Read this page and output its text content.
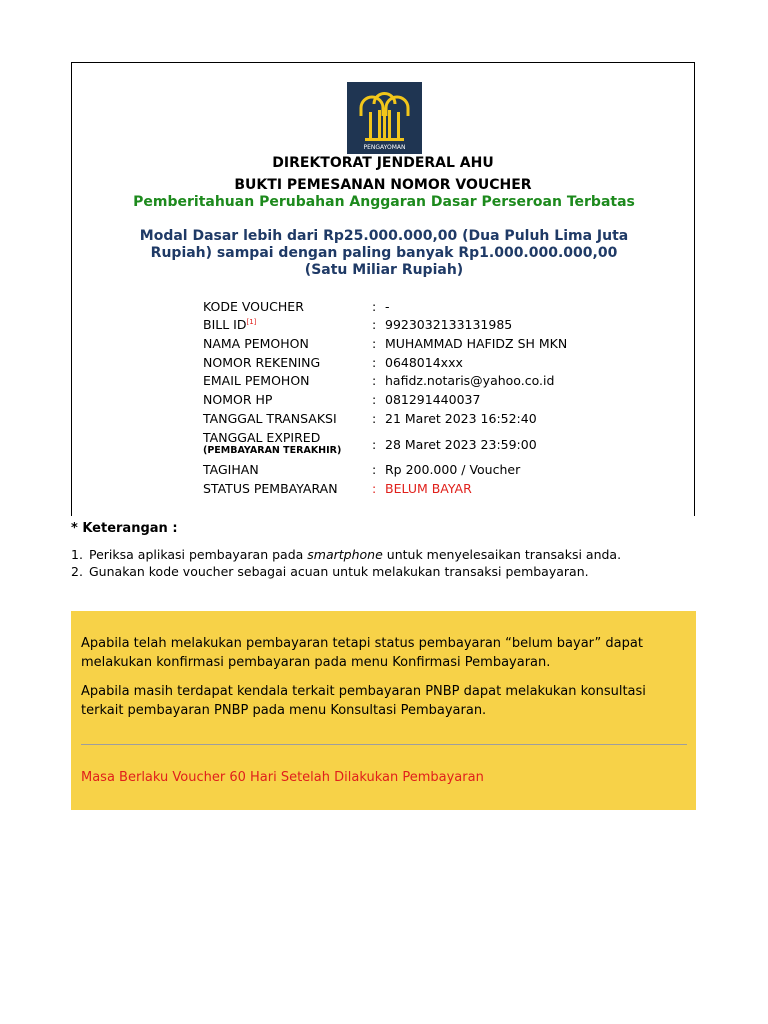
PENGAYOMAN
DIREKTORAT JENDERAL AHU
BUKTI PEMESANAN NOMOR VOUCHER
Pemberitahuan Perubahan Anggaran Dasar Perseroan Terbatas
Modal Dasar lebih dari Rp25.000.000,00 (Dua Puluh Lima Juta Rupiah) sampai dengan paling banyak Rp1.000.000.000,00 (Satu Miliar Rupiah)
KODE VOUCHER	: -
BILL ID[1]	: 9923032133131985
NAMA PEMOHON	: MUHAMMAD HAFIDZ SH MKN
NOMOR REKENING	: 0648014xxx
EMAIL PEMOHON	: hafidz.notaris@yahoo.co.id
NOMOR HP	: 081291440037
TANGGAL TRANSAKSI	: 21 Maret 2023 16:52:40
TANGGAL EXPIRED
(PEMBAYARAN TERAKHIR) : 28 Maret 2023 23:59:00
TAGIHAN	: Rp 200.000 / Voucher
STATUS PEMBAYARAN	: BELUM BAYAR
* Keterangan :
1. Periksa aplikasi pembayaran pada smartphone untuk menyelesaikan transaksi anda.
2. Gunakan kode voucher sebagai acuan untuk melakukan transaksi pembayaran.
Apabila telah melakukan pembayaran tetapi status pembayaran “belum bayar” dapat melakukan konfirmasi pembayaran pada menu Konfirmasi Pembayaran.
Apabila masih terdapat kendala terkait pembayaran PNBP dapat melakukan konsultasi terkait pembayaran PNBP pada menu Konsultasi Pembayaran.
Masa Berlaku Voucher 60 Hari Setelah Dilakukan Pembayaran
